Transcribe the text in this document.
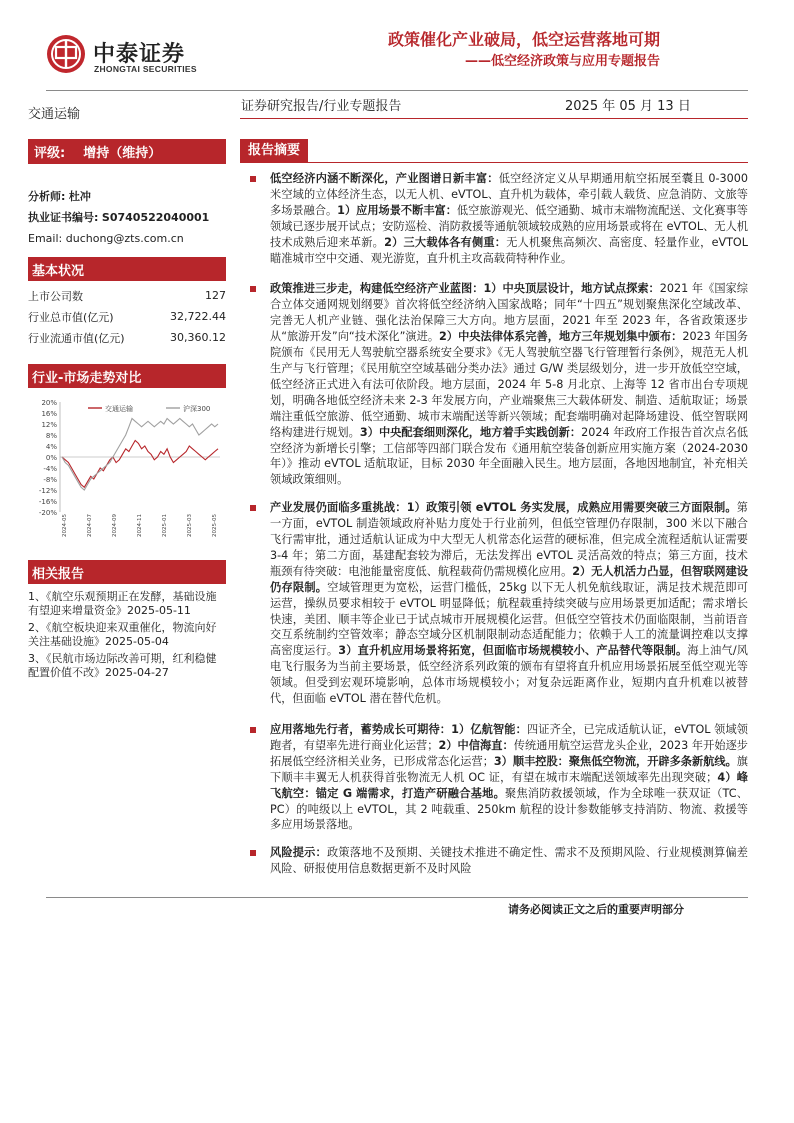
中泰证券
ZHONGTAI SECURITIES
政策催化产业破局，低空运营落地可期
——低空经济政策与应用专题报告
交通运输
证券研究报告/行业专题报告	2025 年 05 月 13 日
评级: 增持（维持）
分析师: 杜冲
执业证书编号: S0740522040001
Email: duchong@zts.com.cn
基本状况
上市公司数	127
行业总市值(亿元)	32,722.44
行业流通市值(亿元)	30,360.12
行业-市场走势对比
20%
16%
12%
8%
4%
0%
-4%
-8%
-12%
-16%
-20%
2024-05	2024-07	2024-09	2024-11	2025-01	2025-03	2025-05
交通运输	沪深300
相关报告
1、《航空乐观预期正在发酵，基础设施有望迎来增量资金》2025-05-11
2、《航空板块迎来双重催化，物流向好关注基础设施》2025-05-04
3、《民航市场边际改善可期，红利稳健配置价值不改》2025-04-27
报告摘要
低空经济内涵不断深化，产业图谱日新丰富：低空经济定义从早期通用航空拓展至囊且 0-3000 米空域的立体经济生态，以无人机、eVTOL、直升机为载体，牵引载人载货、应急消防、文旅等多场景融合。1）应用场景不断丰富：低空旅游观光、低空通勤、城市末端物流配送、文化赛事等领域已逐步展开试点；安防巡检、消防救援等通航领域较成熟的应用场景或将在 eVTOL、无人机技术成熟后迎来革新。2）三大载体各有侧重：无人机聚焦高频次、高密度、轻量作业，eVTOL 瞄准城市空中交通、观光游览，直升机主攻高载荷特种作业。
政策推进三步走，构建低空经济产业蓝图：1）中央顶层设计，地方试点探索：2021 年《国家综合立体交通网规划纲要》首次将低空经济纳入国家战略；同年“十四五”规划聚焦深化空域改革、完善无人机产业链、强化法治保障三大方向。地方层面，2021 年至 2023 年，各省政策逐步从“旅游开发”向“技术深化”演进。2）中央法律体系完善，地方三年规划集中颁布：2023 年国务院颁布《民用无人驾驶航空器系统安全要求》《无人驾驶航空器飞行管理暂行条例》，规范无人机生产与飞行管理；《民用航空空域基础分类办法》通过 G/W 类层级划分，进一步开放低空空域，低空经济正式进入有法可依阶段。地方层面，2024 年 5-8 月北京、上海等 12 省市出台专项规划，明确各地低空经济未来 2-3 年发展方向，产业端聚焦三大载体研发、制造、适航取证；场景端注重低空旅游、低空通勤、城市末端配送等新兴领域；配套端明确对起降场建设、低空智联网络构建进行规划。3）中央配套细则深化，地方着手实践创新：2024 年政府工作报告首次点名低空经济为新增长引擎；工信部等四部门联合发布《通用航空装备创新应用实施方案（2024-2030 年）》推动 eVTOL 适航取证，目标 2030 年全面融入民生。地方层面，各地因地制宜，补充相关领域政策细则。
产业发展仍面临多重挑战：1）政策引领 eVTOL 务实发展，成熟应用需要突破三方面限制。第一方面，eVTOL 制造领域政府补贴力度处于行业前列，但低空管理仍存限制，300 米以下融合飞行需审批，通过适航认证成为中大型无人机常态化运营的硬标准，但完成全流程适航认证需要 3-4 年；第二方面，基建配套较为滞后，无法发挥出 eVTOL 灵活高效的特点；第三方面，技术瓶颈有待突破：电池能量密度低、航程载荷仍需规模化应用。2）无人机活力凸显，但智联网建设仍存限制。空域管理更为宽松，运营门槛低，25kg 以下无人机免航线取证，满足技术规范即可运营，操纵员要求相较于 eVTOL 明显降低；航程载重持续突破与应用场景更加适配；需求增长快速，美团、顺丰等企业已于试点城市开展规模化运营。但低空空管技术仍面临限制，当前语音交互系统制约空管效率；静态空域分区机制限制动态适配能力；依赖于人工的流量调控难以支撑高密度运行。3）直升机应用场景将拓宽，但面临市场规模较小、产品替代等限制。海上油气/风电飞行服务为当前主要场景，低空经济系列政策的颁布有望将直升机应用场景拓展至低空观光等领域。但受到宏观环境影响，总体市场规模较小；对复杂远距离作业，短期内直升机难以被替代，但面临 eVTOL 潜在替代危机。
应用落地先行者，蓄势成长可期待：1）亿航智能：四证齐全，已完成适航认证，eVTOL 领域领跑者，有望率先进行商业化运营；2）中信海直：传统通用航空运营龙头企业，2023 年开始逐步拓展低空经济相关业务，已形成常态化运营；3）顺丰控股：聚焦低空物流，开辟多条新航线。旗下顺丰丰翼无人机获得首张物流无人机 OC 证，有望在城市末端配送领域率先出现突破；4）峰飞航空：锚定 G 端需求，打造产研融合基地。聚焦消防救援领域，作为全球唯一获双证（TC、PC）的吨级以上 eVTOL，其 2 吨载重、250km 航程的设计参数能够支持消防、物流、救援等多应用场景落地。
风险提示：政策落地不及预期、关键技术推进不确定性、需求不及预期风险、行业规模测算偏差风险、研报使用信息数据更新不及时风险
请务必阅读正文之后的重要声明部分
